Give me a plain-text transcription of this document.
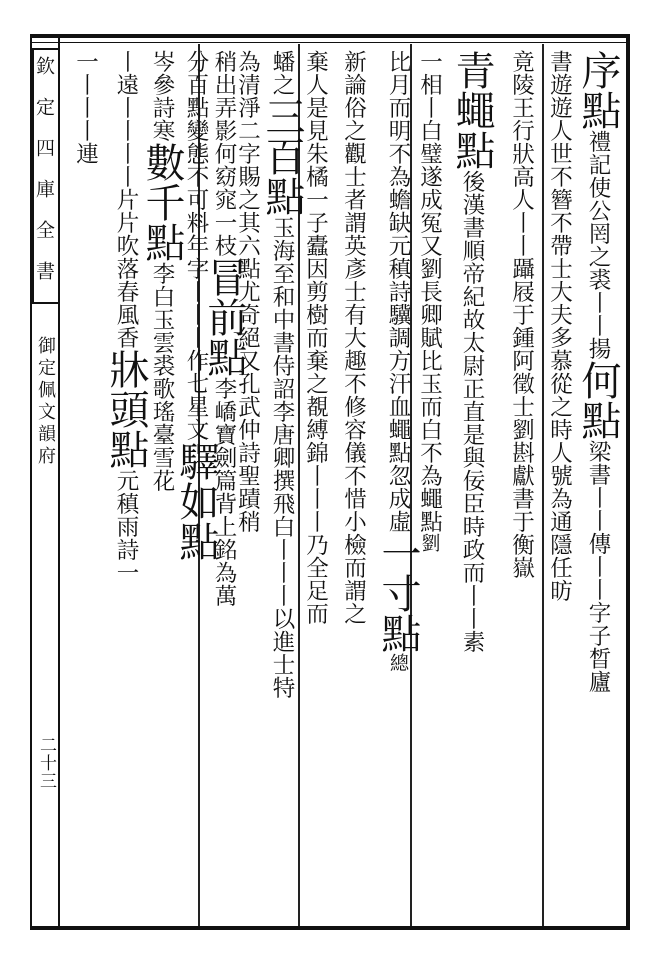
欽定四庫全書
御定佩文韻府
二十三
序點禮記使公罔之裘丨丨揚何點梁書丨丨傳丨丨字子晳廬
書遊遊人世不簪不帶士大夫多慕從之時人號為通隱任昉
竟陵王行狀高人丨丨躡屐于鍾阿徵士劉斟獻書于衡嶽
青蠅點後漢書順帝紀故太尉正直是與佞臣時政而丨丨素
一相丨白璧遂成冤又劉長卿賦比玉而白不為蠅點劉
比月而明不為蟾缺元稹詩驥調方汗血蠅點忽成虛一寸點總
新論俗之觀士者謂英彥士有大趣不修容儀不惜小檢而謂之
棄人是見朱橘一子蠹因剪樹而棄之覩縛錦丨丨丨乃全足而
蟠之三百點玉海至和中書侍詔李唐卿撰飛白丨丨丨以進士特
為清淨二字賜之其六點尤奇絕又孔武仲詩聖蹟稍
稍出弄影何窈窕一枝冒前點李嶠寶劍篇背上銘為萬
分百點變態不可料年字丨丨丨作七星文驛如點
岑參詩寒數千點李白玉雲裘歌瑤臺雪花
丨遠丨丨丨丨片片吹落春風香牀頭點元稹雨詩一
一丨丨丨連
